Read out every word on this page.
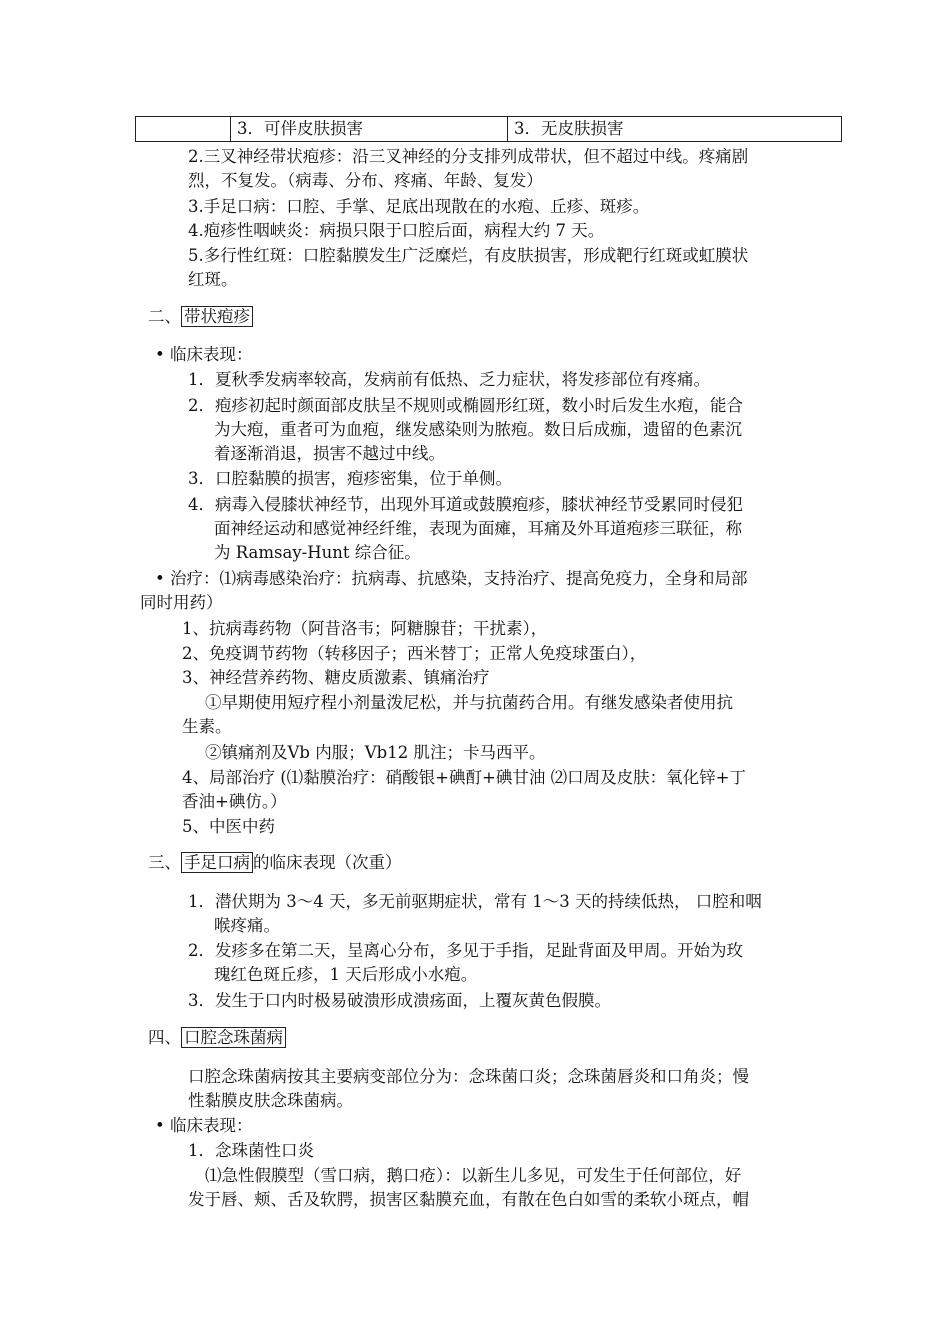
	3．可伴皮肤损害	3．无皮肤损害
2.三叉神经带状疱疹：沿三叉神经的分支排列成带状，但不超过中线。疼痛剧
烈，不复发。（病毒、分布、疼痛、年龄、复发）
3.手足口病：口腔、手掌、足底出现散在的水疱、丘疹、斑疹。
4.疱疹性咽峡炎：病损只限于口腔后面，病程大约 7 天。
5.多行性红斑：口腔黏膜发生广泛糜烂，有皮肤损害，形成靶行红斑或虹膜状
红斑。
二、 带状疱疹
• 临床表现：
1．夏秋季发病率较高，发病前有低热、乏力症状，将发疹部位有疼痛。
2．疱疹初起时颜面部皮肤呈不规则或椭圆形红斑，数小时后发生水疱，能合
为大疱，重者可为血疱，继发感染则为脓疱。数日后成痂，遗留的色素沉
着逐渐消退，损害不越过中线。
3．口腔黏膜的损害，疱疹密集，位于单侧。
4．病毒入侵膝状神经节，出现外耳道或鼓膜疱疹，膝状神经节受累同时侵犯
面神经运动和感觉神经纤维，表现为面瘫，耳痛及外耳道疱疹三联征，称
为 Ramsay-Hunt 综合征。
• 治疗：⑴病毒感染治疗：抗病毒、抗感染，支持治疗、提高免疫力，全身和局部
同时用药）
1、抗病毒药物（阿昔洛韦；阿糖腺苷；干扰素），
2、免疫调节药物（转移因子；西米替丁；正常人免疫球蛋白），
3、神经营养药物、糖皮质激素、镇痛治疗
①早期使用短疗程小剂量泼尼松，并与抗菌药合用。有继发感染者使用抗
生素。
②镇痛剂及Vb 内服；Vb12 肌注；卡马西平。
4、局部治疗 (⑴黏膜治疗：硝酸银+碘酊+碘甘油 ⑵口周及皮肤：氧化锌+丁
香油+碘仿。）
5、中医中药
三、 手足口病 的临床表现（次重）
1．潜伏期为 3～4 天，多无前驱期症状，常有 1～3 天的持续低热， 口腔和咽
喉疼痛。
2．发疹多在第二天，呈离心分布，多见于手指，足趾背面及甲周。开始为玫
瑰红色斑丘疹，1 天后形成小水疱。
3．发生于口内时极易破溃形成溃疡面，上覆灰黄色假膜。
四、 口腔念珠菌病
口腔念珠菌病按其主要病变部位分为：念珠菌口炎；念珠菌唇炎和口角炎；慢
性黏膜皮肤念珠菌病。
• 临床表现：
1．念珠菌性口炎
⑴急性假膜型（雪口病，鹅口疮）：以新生儿多见，可发生于任何部位，好
发于唇、颊、舌及软腭，损害区黏膜充血，有散在色白如雪的柔软小斑点，帽
